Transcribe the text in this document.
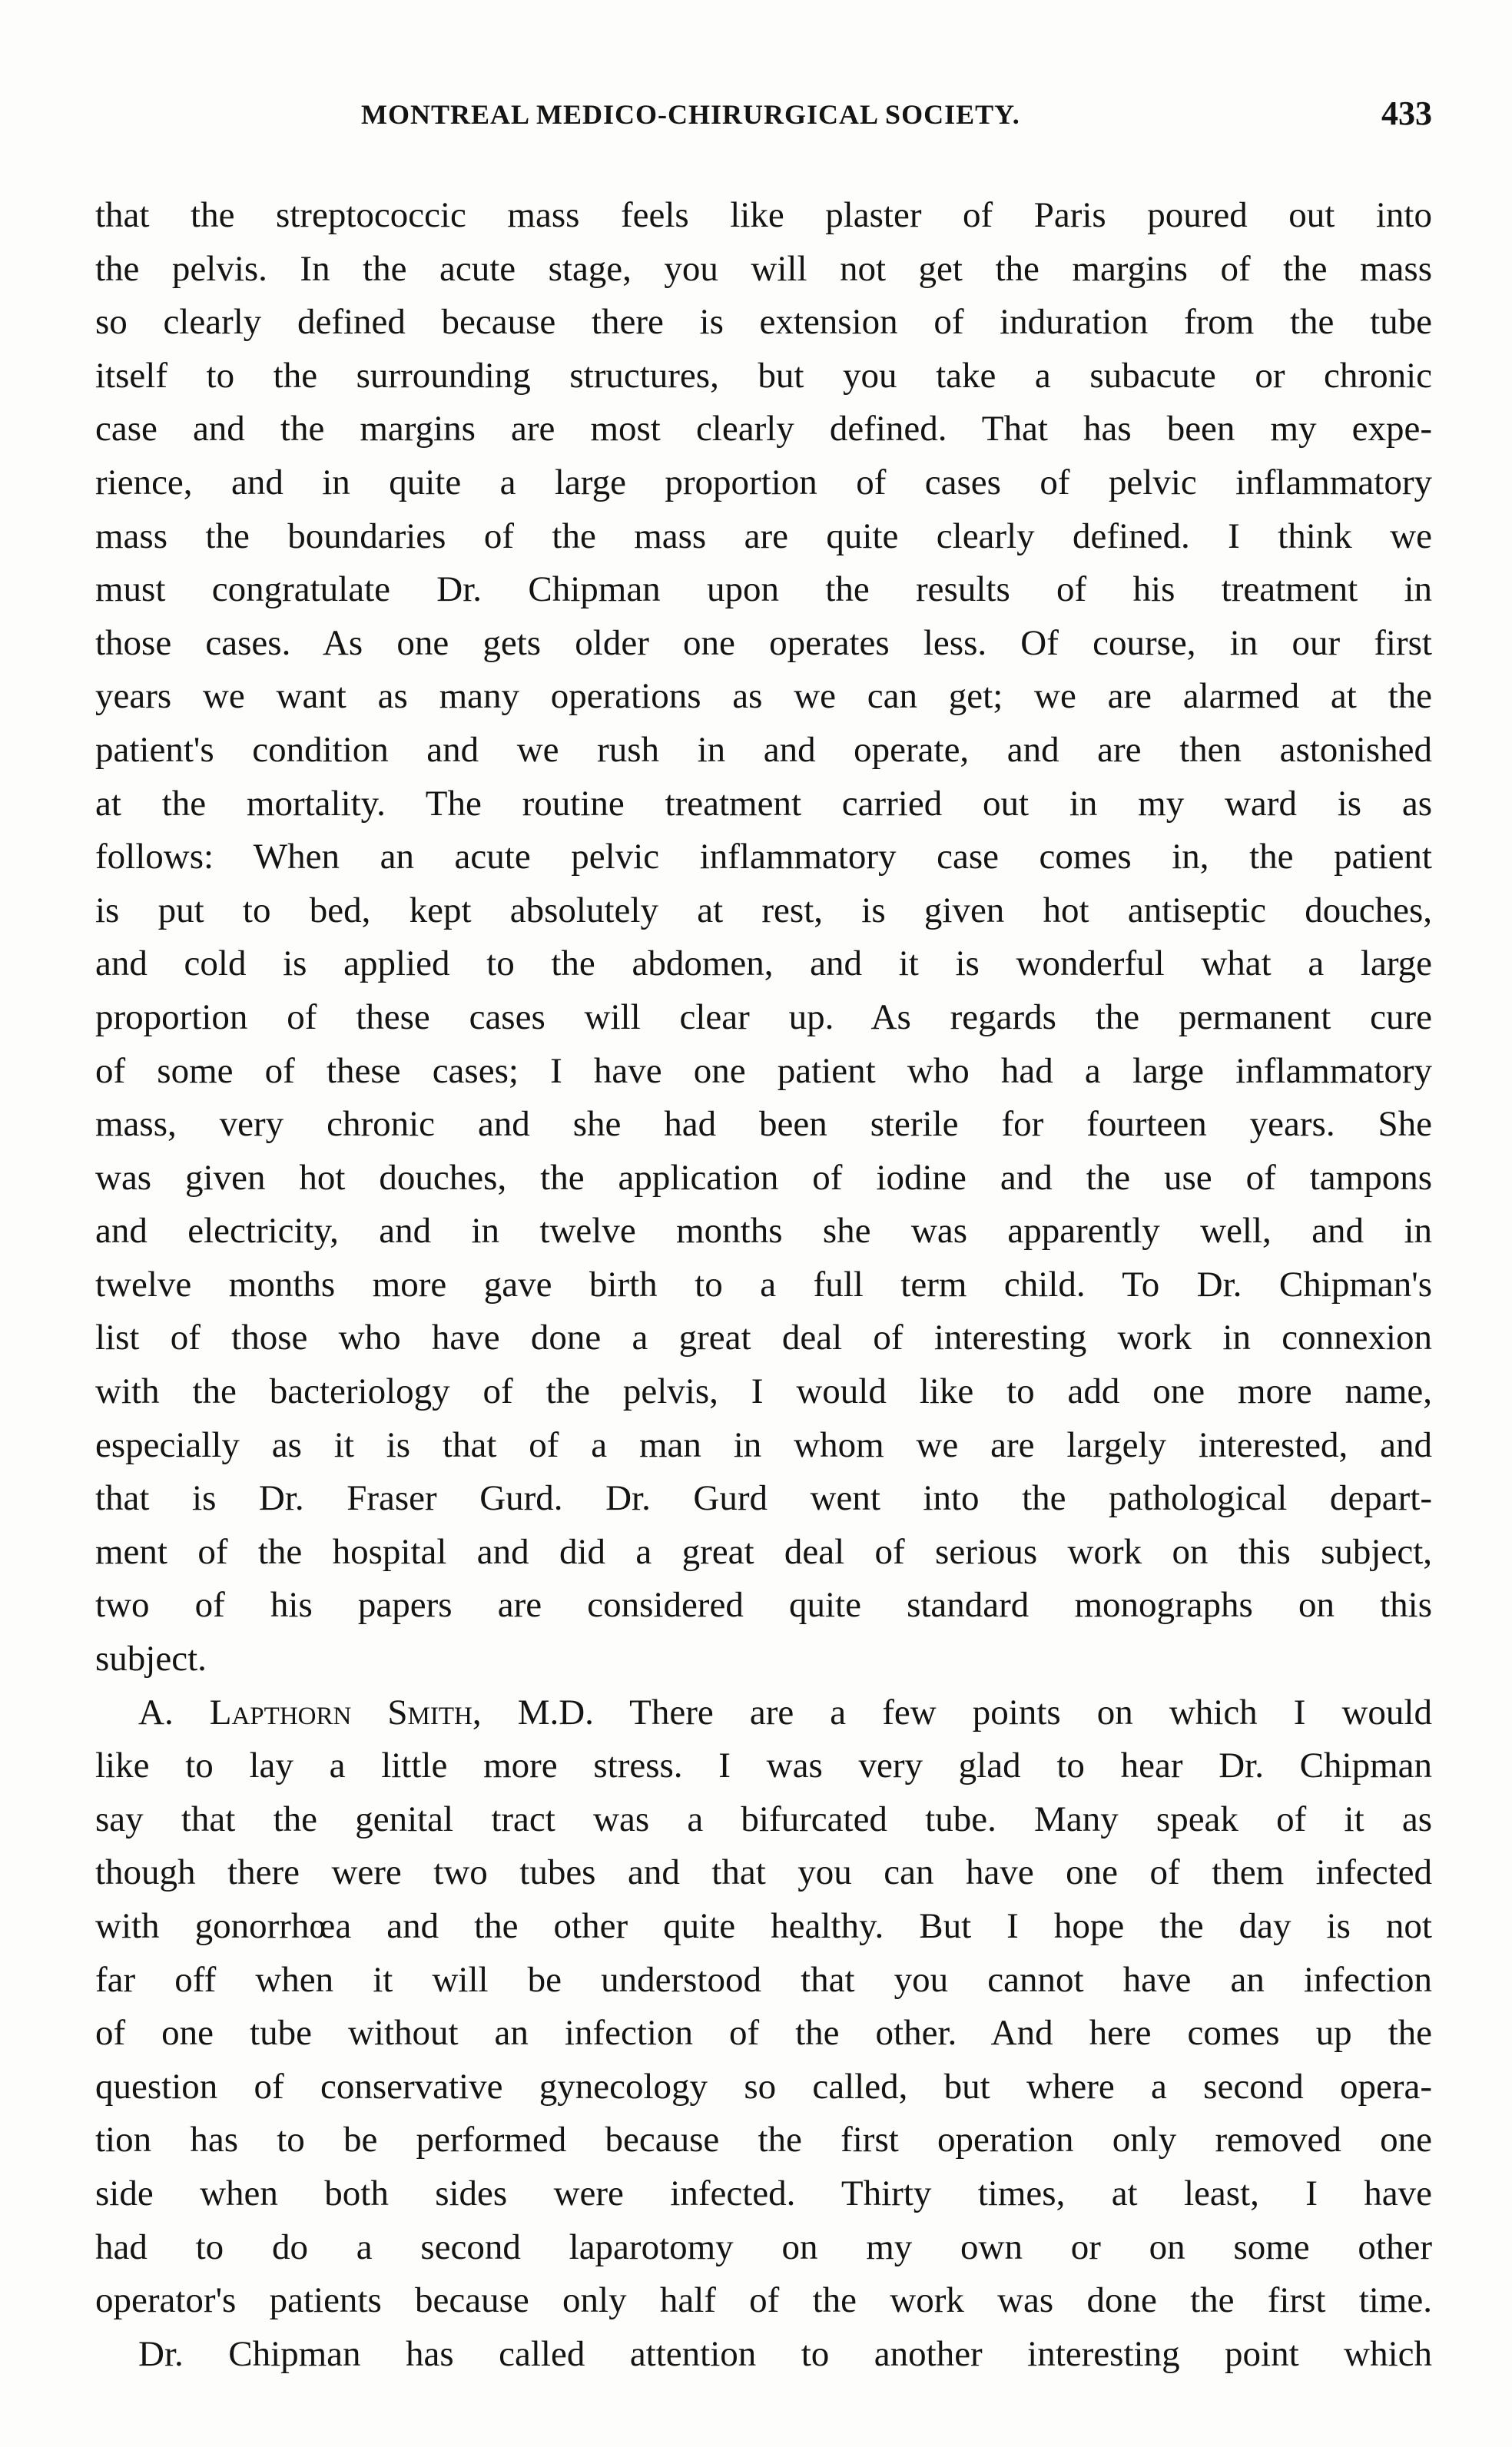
MONTREAL MEDICO-CHIRURGICAL SOCIETY.	433
that the streptococcic mass feels like plaster of Paris poured out into
the pelvis. In the acute stage, you will not get the margins of the mass
so clearly defined because there is extension of induration from the tube
itself to the surrounding structures, but you take a subacute or chronic
case and the margins are most clearly defined. That has been my expe-
rience, and in quite a large proportion of cases of pelvic inflammatory
mass the boundaries of the mass are quite clearly defined. I think we
must congratulate Dr. Chipman upon the results of his treatment in
those cases. As one gets older one operates less. Of course, in our first
years we want as many operations as we can get; we are alarmed at the
patient's condition and we rush in and operate, and are then astonished
at the mortality. The routine treatment carried out in my ward is as
follows: When an acute pelvic inflammatory case comes in, the patient
is put to bed, kept absolutely at rest, is given hot antiseptic douches,
and cold is applied to the abdomen, and it is wonderful what a large
proportion of these cases will clear up. As regards the permanent cure
of some of these cases; I have one patient who had a large inflammatory
mass, very chronic and she had been sterile for fourteen years. She
was given hot douches, the application of iodine and the use of tampons
and electricity, and in twelve months she was apparently well, and in
twelve months more gave birth to a full term child. To Dr. Chipman's
list of those who have done a great deal of interesting work in connexion
with the bacteriology of the pelvis, I would like to add one more name,
especially as it is that of a man in whom we are largely interested, and
that is Dr. Fraser Gurd. Dr. Gurd went into the pathological depart-
ment of the hospital and did a great deal of serious work on this subject,
two of his papers are considered quite standard monographs on this
subject.
A. Lapthorn Smith, M.D. There are a few points on which I would
like to lay a little more stress. I was very glad to hear Dr. Chipman
say that the genital tract was a bifurcated tube. Many speak of it as
though there were two tubes and that you can have one of them infected
with gonorrhœa and the other quite healthy. But I hope the day is not
far off when it will be understood that you cannot have an infection
of one tube without an infection of the other. And here comes up the
question of conservative gynecology so called, but where a second opera-
tion has to be performed because the first operation only removed one
side when both sides were infected. Thirty times, at least, I have
had to do a second laparotomy on my own or on some other
operator's patients because only half of the work was done the first time.
Dr. Chipman has called attention to another interesting point which
